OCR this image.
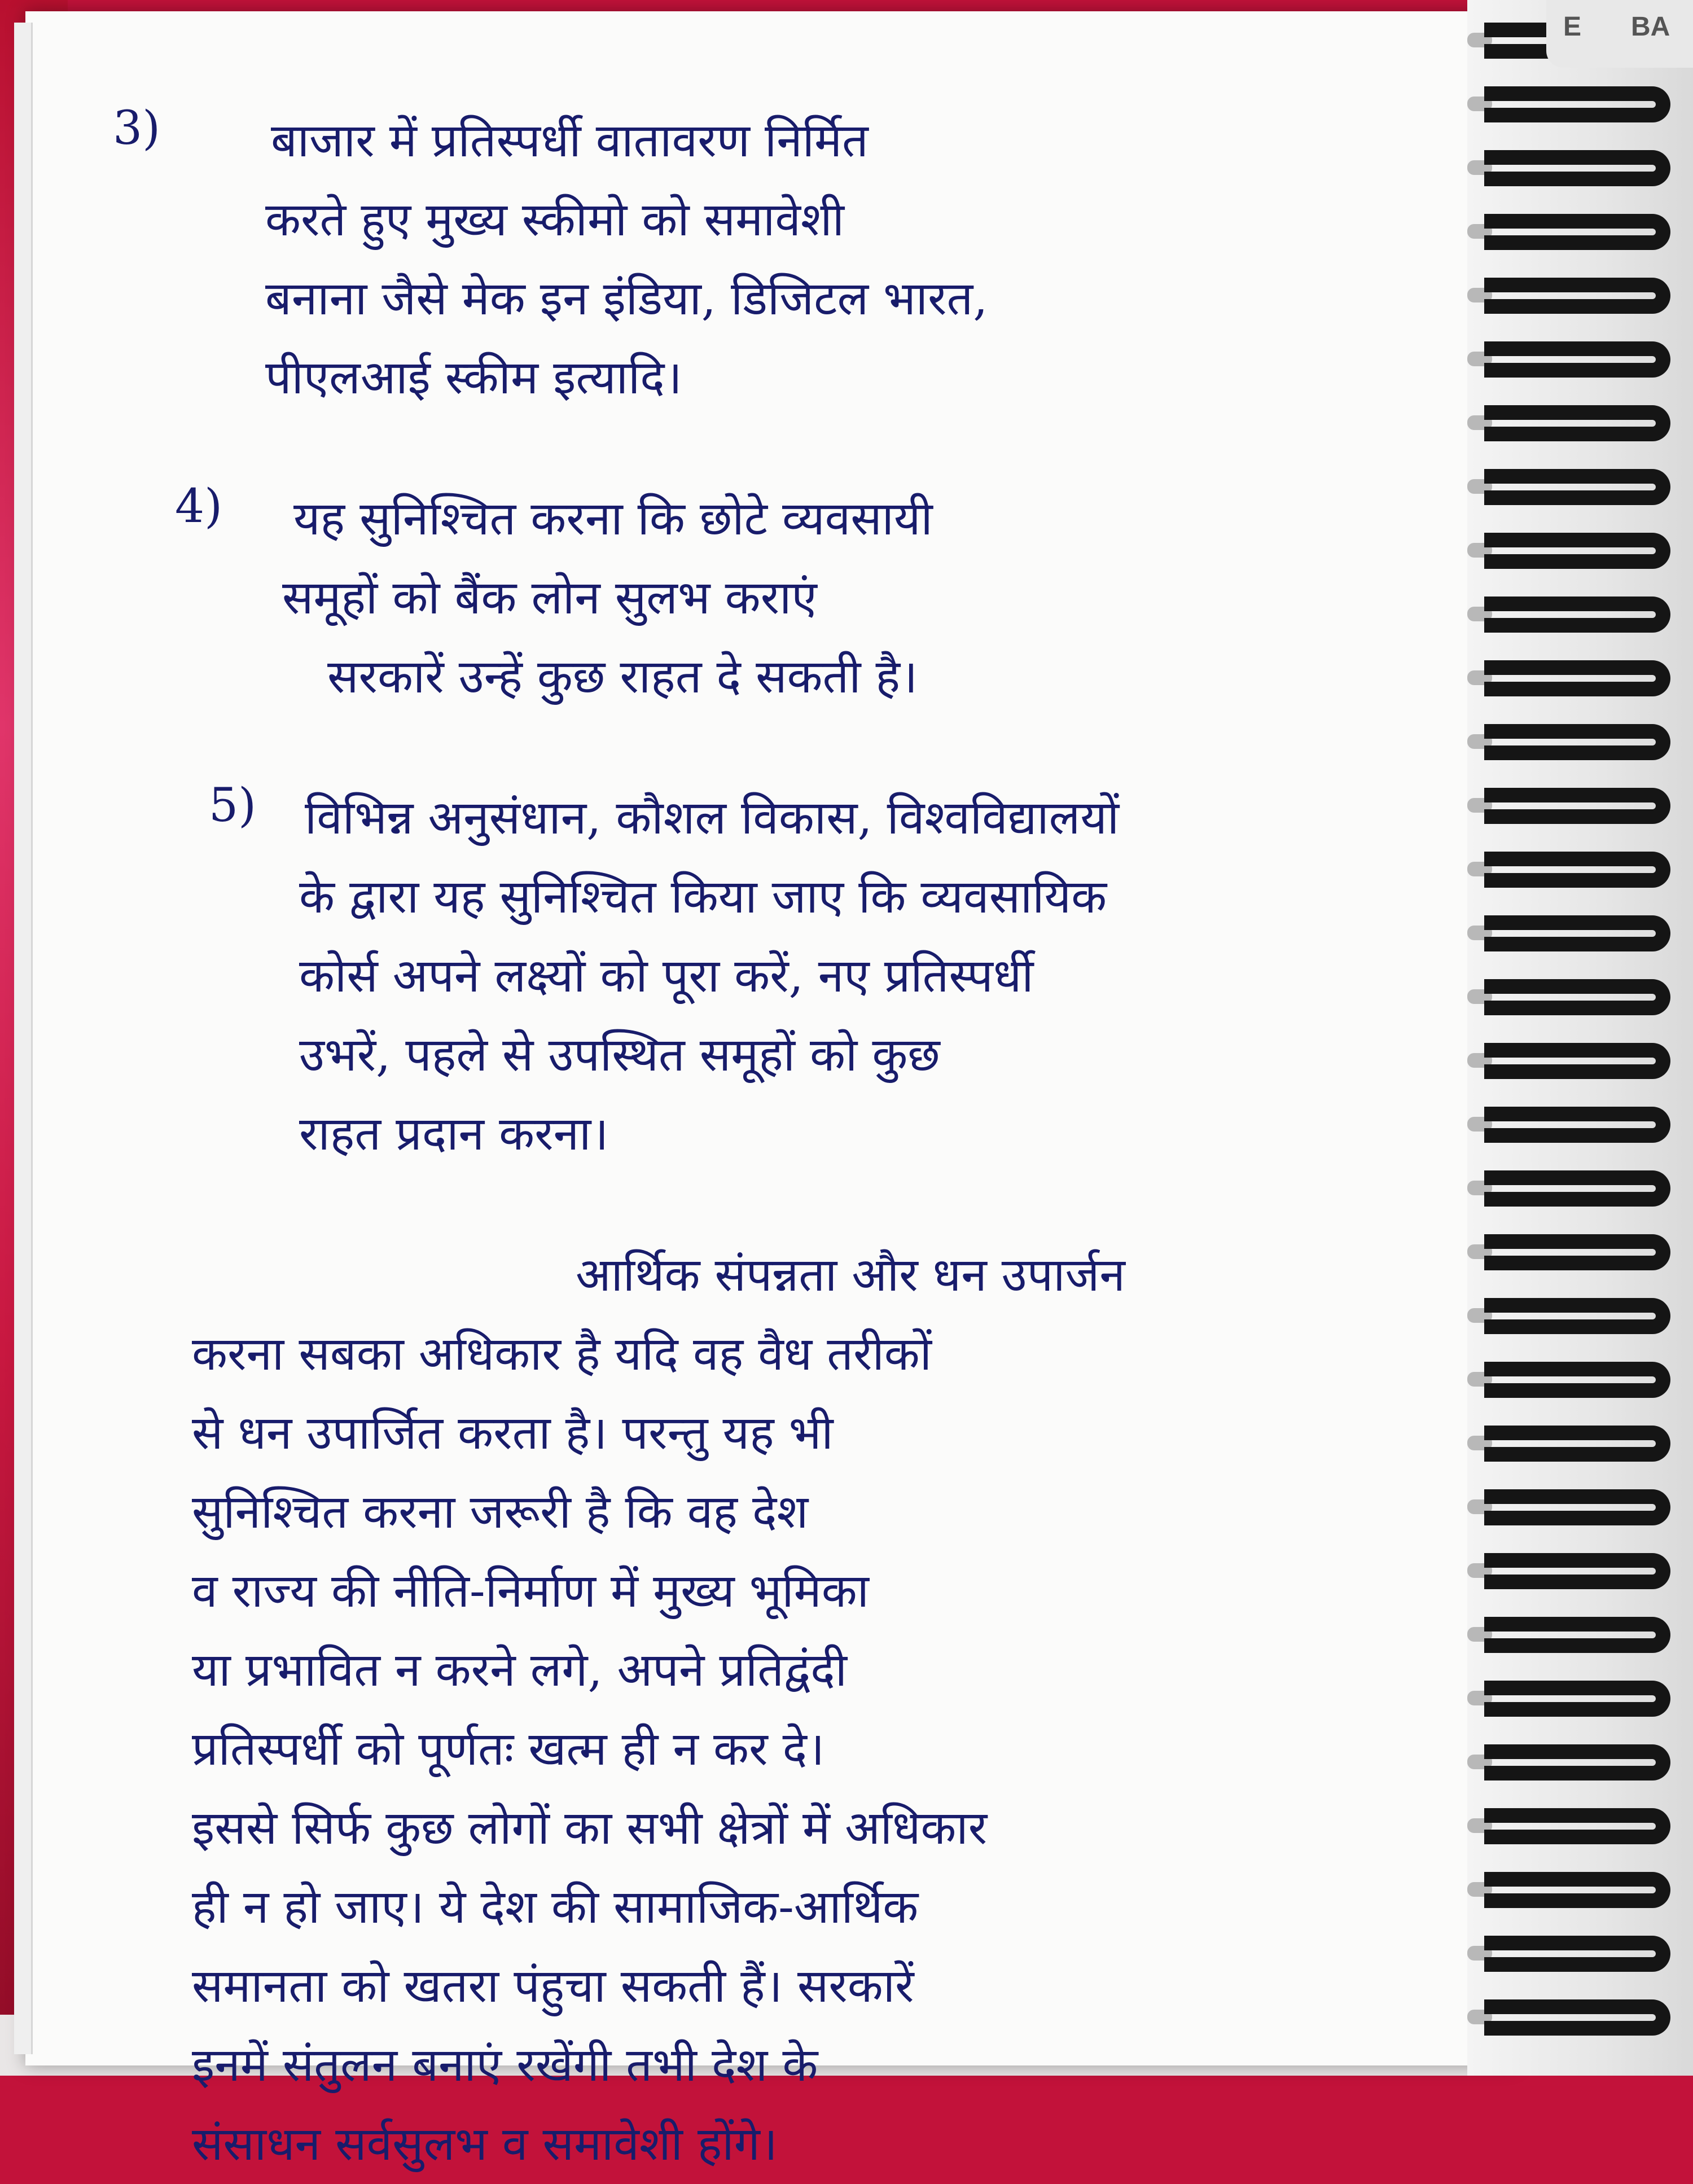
E BA
3)	बाजार में प्रतिस्पर्धी वातावरण निर्मित
करते हुए मुख्य स्कीमो को समावेशी
बनाना जैसे मेक इन इंडिया, डिजिटल भारत,
पीएलआई स्कीम इत्यादि।
4)	यह सुनिश्चित करना कि छोटे व्यवसायी
समूहों को बैंक लोन सुलभ कराएं
सरकारें उन्हें कुछ राहत दे सकती है।
5)	विभिन्न अनुसंधान, कौशल विकास, विश्वविद्यालयों
के द्वारा यह सुनिश्चित किया जाए कि व्यवसायिक
कोर्स अपने लक्ष्यों को पूरा करें, नए प्रतिस्पर्धी
उभरें, पहले से उपस्थित समूहों को कुछ
राहत प्रदान करना।
आर्थिक संपन्नता और धन उपार्जन
करना सबका अधिकार है यदि वह वैध तरीकों
से धन उपार्जित करता है। परन्तु यह भी
सुनिश्चित करना जरूरी है कि वह देश
व राज्य की नीति-निर्माण में मुख्य भूमिका
या प्रभावित न करने लगे, अपने प्रतिद्वंदी
प्रतिस्पर्धी को पूर्णतः खत्म ही न कर दे।
इससे सिर्फ कुछ लोगों का सभी क्षेत्रों में अधिकार
ही न हो जाए। ये देश की सामाजिक-आर्थिक
समानता को खतरा पंहुचा सकती हैं। सरकारें
इनमें संतुलन बनाएं रखेंगी तभी देश के
संसाधन सर्वसुलभ व समावेशी होंगे।
